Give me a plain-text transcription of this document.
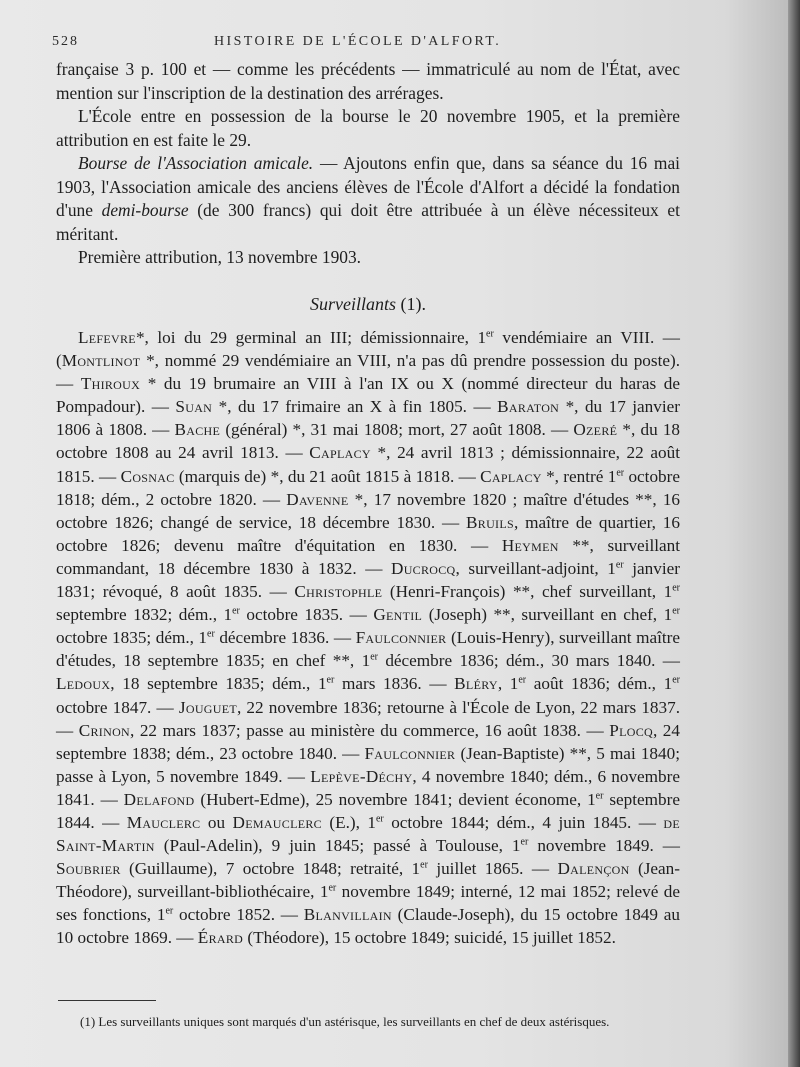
528	HISTOIRE DE L'ÉCOLE D'ALFORT.

française 3 p. 100 et — comme les précédents — immatriculé au nom de l'État, avec mention sur l'inscription de la destination des arrérages.

L'École entre en possession de la bourse le 20 novembre 1905, et la première attribution en est faite le 29.

Bourse de l'Association amicale. — Ajoutons enfin que, dans sa séance du 16 mai 1903, l'Association amicale des anciens élèves de l'École d'Alfort a décidé la fondation d'une demi-bourse (de 300 francs) qui doit être attribuée à un élève nécessiteux et méritant.

Première attribution, 13 novembre 1903.

Surveillants (1).

Lefevre*, loi du 29 germinal an III; démissionnaire, 1er vendémiaire an VIII. — (Montlinot *, nommé 29 vendémiaire an VIII, n'a pas dû prendre possession du poste). — Thiroux * du 19 brumaire an VIII à l'an IX ou X (nommé directeur du haras de Pompadour). — Suan *, du 17 frimaire an X à fin 1805. — Baraton *, du 17 janvier 1806 à 1808. — Bache (général) *, 31 mai 1808; mort, 27 août 1808. — Ozeré *, du 18 octobre 1808 au 24 avril 1813. — Caplacy *, 24 avril 1813 ; démissionnaire, 22 août 1815. — Cosnac (marquis de) *, du 21 août 1815 à 1818. — Caplacy *, rentré 1er octobre 1818; dém., 2 octobre 1820. — Davenne *, 17 novembre 1820 ; maître d'études **, 16 octobre 1826; changé de service, 18 décembre 1830. — Bruils, maître de quartier, 16 octobre 1826; devenu maître d'équitation en 1830. — Heymen **, surveillant commandant, 18 décembre 1830 à 1832. — Ducrocq, surveillant-adjoint, 1er janvier 1831; révoqué, 8 août 1835. — Christophle (Henri-François) **, chef surveillant, 1er septembre 1832; dém., 1er octobre 1835. — Gentil (Joseph) **, surveillant en chef, 1er octobre 1835; dém., 1er décembre 1836. — Faulconnier (Louis-Henry), surveillant maître d'études, 18 septembre 1835; en chef **, 1er décembre 1836; dém., 30 mars 1840. — Ledoux, 18 septembre 1835; dém., 1er mars 1836. — Bléry, 1er août 1836; dém., 1er octobre 1847. — Jouguet, 22 novembre 1836; retourne à l'École de Lyon, 22 mars 1837. — Crinon, 22 mars 1837; passe au ministère du commerce, 16 août 1838. — Plocq, 24 septembre 1838; dém., 23 octobre 1840. — Faulconnier (Jean-Baptiste) **, 5 mai 1840; passe à Lyon, 5 novembre 1849. — Lepève-Déchy, 4 novembre 1840; dém., 6 novembre 1841. — Delafond (Hubert-Edme), 25 novembre 1841; devient économe, 1er septembre 1844. — Mauclerc ou Demauclerc (E.), 1er octobre 1844; dém., 4 juin 1845. — de Saint-Martin (Paul-Adelin), 9 juin 1845; passé à Toulouse, 1er novembre 1849. — Soubrier (Guillaume), 7 octobre 1848; retraité, 1er juillet 1865. — Dalençon (Jean-Théodore), surveillant-bibliothécaire, 1er novembre 1849; interné, 12 mai 1852; relevé de ses fonctions, 1er octobre 1852. — Blanvillain (Claude-Joseph), du 15 octobre 1849 au 10 octobre 1869. — Érard (Théodore), 15 octobre 1849; suicidé, 15 juillet 1852.

(1) Les surveillants uniques sont marqués d'un astérisque, les surveillants en chef de deux astérisques.
